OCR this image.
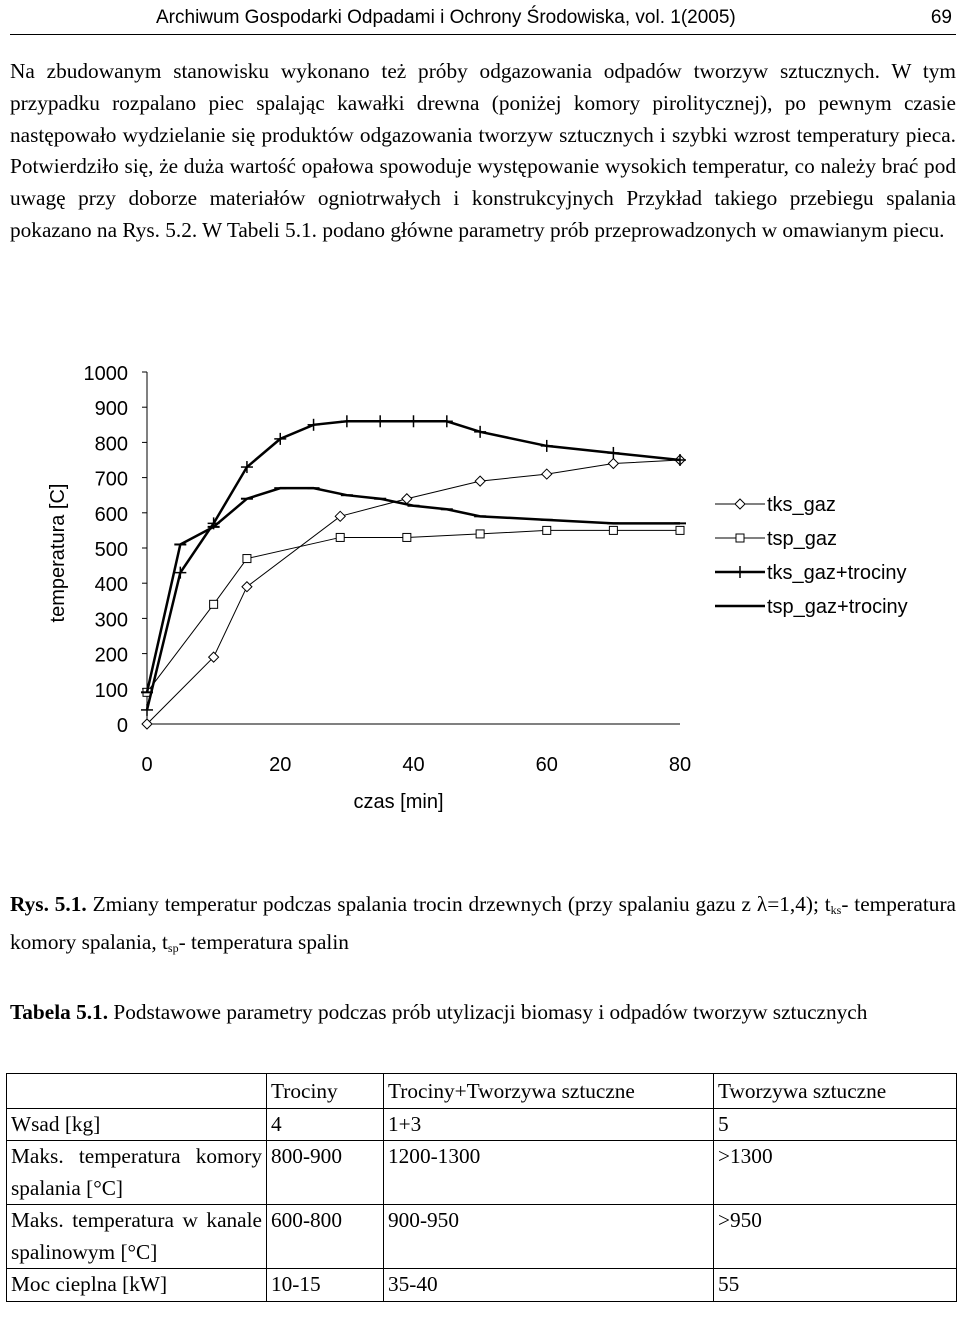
Archiwum Gospodarki Odpadami i Ochrony Środowiska, vol. 1(2005)	69

Na zbudowanym stanowisku wykonano też próby odgazowania odpadów tworzyw sztucznych. W tym przypadku rozpalano piec spalając kawałki drewna (poniżej komory pirolitycznej), po pewnym czasie następowało wydzielanie się produktów odgazowania tworzyw sztucznych i szybki wzrost temperatury pieca. Potwierdziło się, że duża wartość opałowa spowoduje występowanie wysokich temperatur, co należy brać pod uwagę przy doborze materiałów ogniotrwałych i konstrukcyjnych Przykład takiego przebiegu spalania pokazano na Rys. 5.2. W Tabeli 5.1. podano główne parametry prób przeprowadzonych w omawianym piecu.

0
100
200
300
400
500
600
700
800
900
1000
0	20	40	60	80
czas [min]
temperatura [C]	tks_gaz
tsp_gaz
tks_gaz+trociny
tsp_gaz+trociny

Rys. 5.1. Zmiany temperatur podczas spalania trocin drzewnych (przy spalaniu gazu z λ=1,4); $t_{ks}-$ temperatura komory spalania, $t_{sp}-$ temperatura spalin

Tabela 5.1. Podstawowe parametry podczas prób utylizacji biomasy i odpadów tworzyw sztucznych

	Trociny	Trociny+Tworzywa sztuczne	Tworzywa sztuczne
Wsad [kg]	4	1+3	5
Maks. temperatura komory spalania [°C]	800-900	1200-1300	>1300
Maks. temperatura w kanale spalinowym [°C]	600-800	900-950	>950
Moc cieplna [kW]	10-15	35-40	55
